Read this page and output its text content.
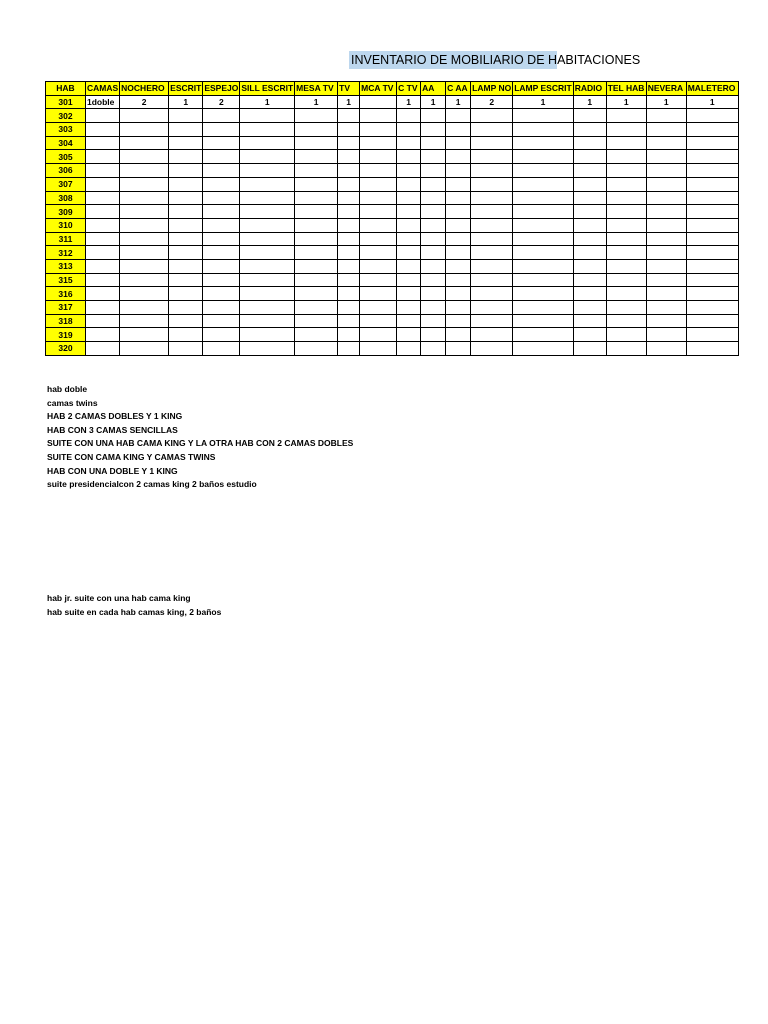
INVENTARIO DE MOBILIARIO DE HABITACIONES
HAB	CAMAS	NOCHERO	ESCRIT	ESPEJO	SILL ESCRIT	MESA TV	TV	MCA TV	C TV	AA	C AA	LAMP NO	LAMP ESCRIT	RADIO	TEL HAB	NEVERA	MALETERO
301	1doble	2	1	2	1	1	1		1	1	1	2	1	1	1	1	1
302																	
303																	
304																	
305																	
306																	
307																	
308																	
309																	
310																	
311																	
312																	
313																	
315																	
316																	
317																	
318																	
319																	
320																	
hab doble
camas twins
HAB 2 CAMAS DOBLES Y 1 KING
HAB CON 3 CAMAS SENCILLAS
SUITE CON UNA HAB CAMA KING Y LA OTRA HAB CON 2 CAMAS DOBLES
SUITE CON CAMA KING Y CAMAS TWINS
HAB CON UNA DOBLE Y 1 KING
suite presidencialcon 2 camas king 2 baños estudio
hab jr. suite con una hab cama king
hab suite en cada hab camas king, 2 baños
